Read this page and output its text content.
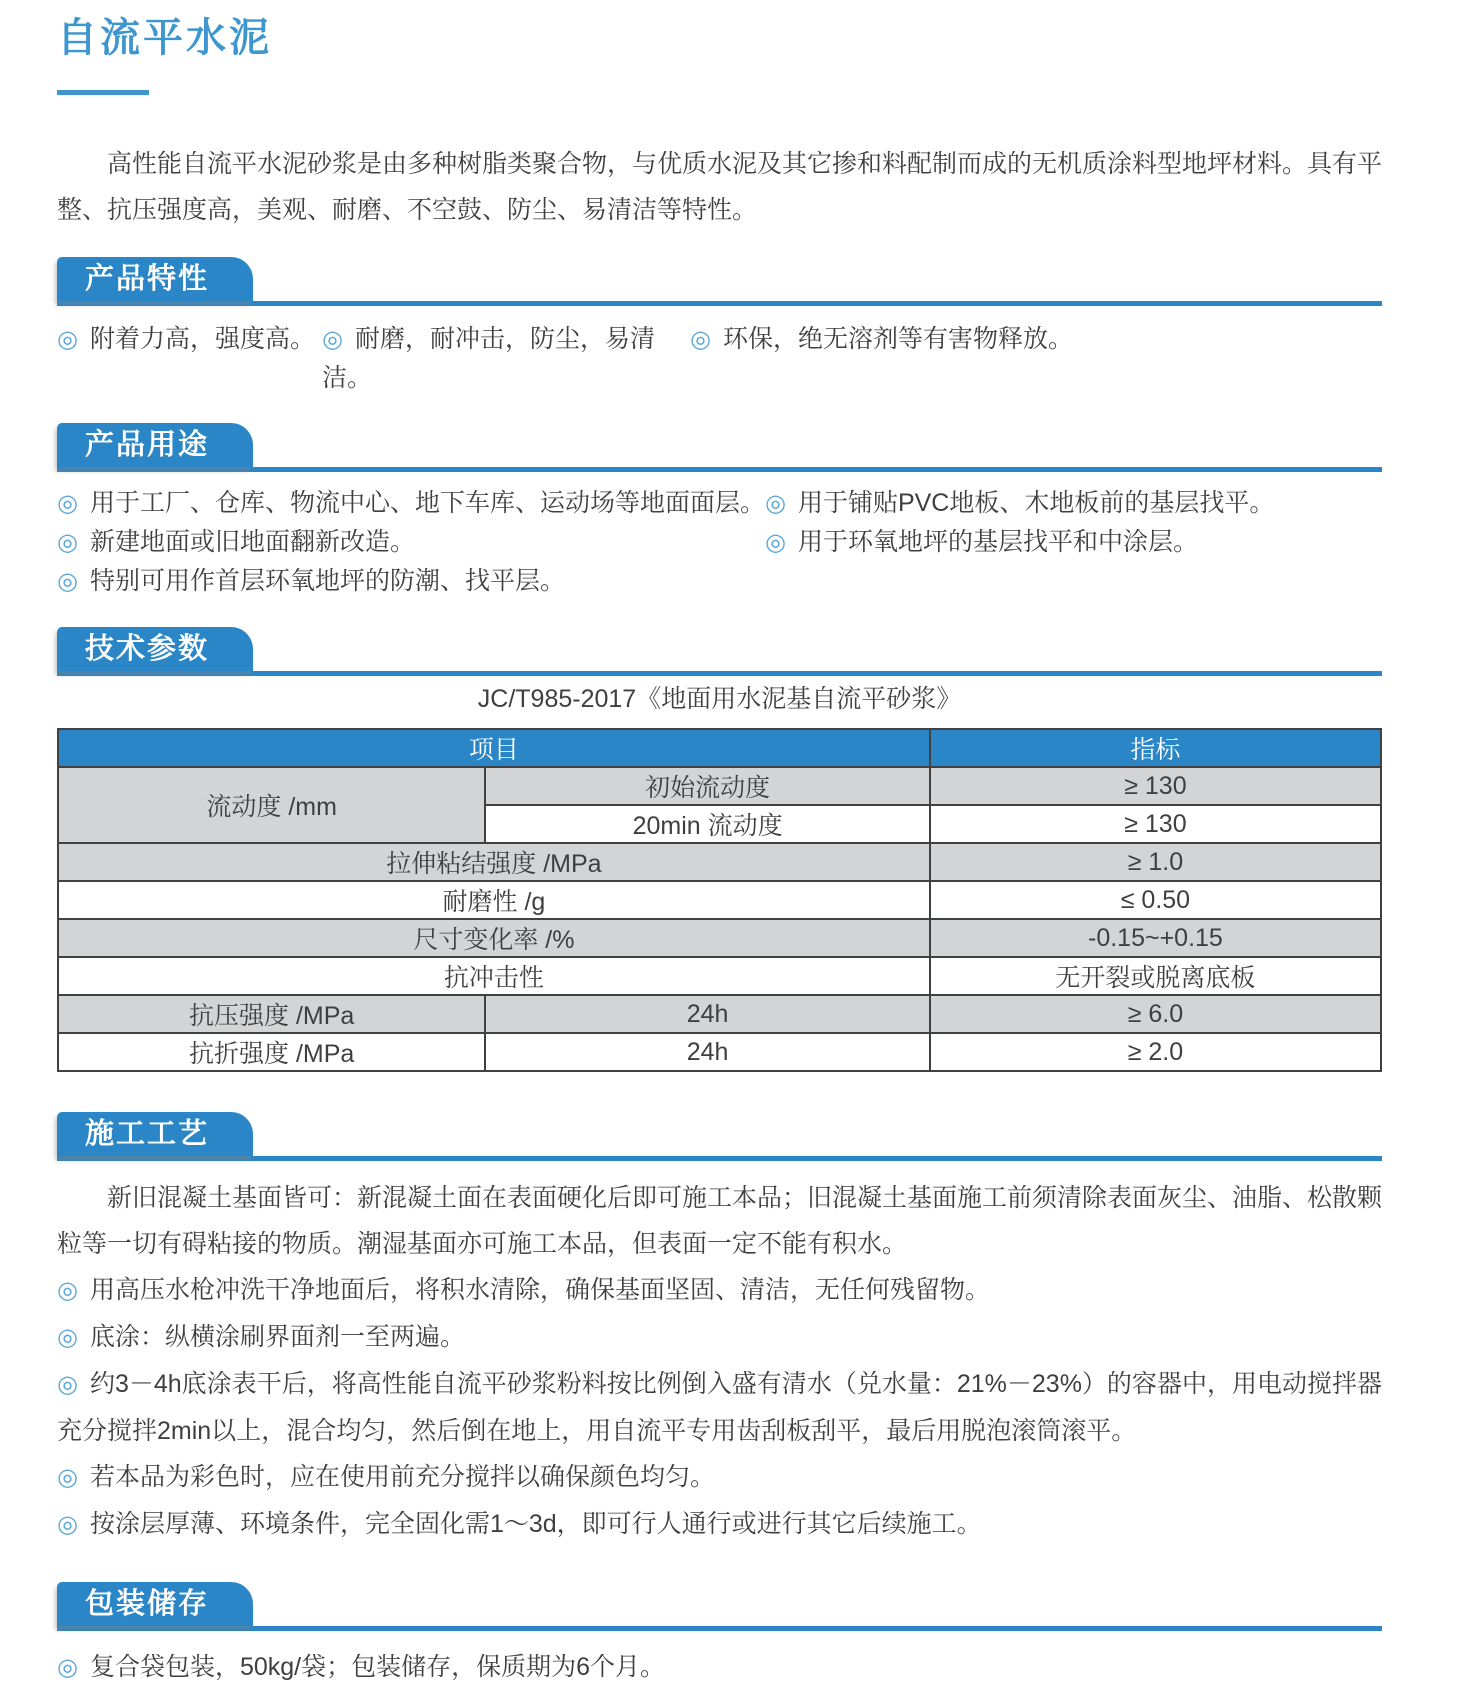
自流平水泥

高性能自流平水泥砂浆是由多种树脂类聚合物，与优质水泥及其它掺和料配制而成的无机质涂料型地坪材料。具有平整、抗压强度高，美观、耐磨、不空鼓、防尘、易清洁等特性。

产品特性
◎ 附着力高，强度高。 ◎ 耐磨，耐冲击，防尘，易清洁。
◎ 环保，绝无溶剂等有害物释放。
产品用途
◎ 用于工厂、仓库、物流中心、地下车库、运动场等地面面层。
◎ 新建地面或旧地面翻新改造。
◎ 特别可用作首层环氧地坪的防潮、找平层。
◎ 用于铺贴PVC地板、木地板前的基层找平。
◎ 用于环氧地坪的基层找平和中涂层。
技术参数
JC/T985-2017《地面用水泥基自流平砂浆》
项目		指标
流动度 /mm	初始流动度	≥ 130
	20min 流动度	≥ 130
拉伸粘结强度 /MPa		≥ 1.0
耐磨性 /g		≤ 0.50
尺寸变化率 /%		-0.15~+0.15
抗冲击性		无开裂或脱离底板
抗压强度 /MPa	24h	≥ 6.0
抗折强度 /MPa	24h	≥ 2.0
施工工艺

新旧混凝土基面皆可：新混凝土面在表面硬化后即可施工本品；旧混凝土基面施工前须清除表面灰尘、油脂、松散颗粒等一切有碍粘接的物质。潮湿基面亦可施工本品，但表面一定不能有积水。

◎ 用高压水枪冲洗干净地面后，将积水清除，确保基面坚固、清洁，无任何残留物。
◎ 底涂：纵横涂刷界面剂一至两遍。
◎ 约3－4h底涂表干后，将高性能自流平砂浆粉料按比例倒入盛有清水（兑水量：21%－23%）的容器中，用电动搅拌器充分搅拌2min以上，混合均匀，然后倒在地上，用自流平专用齿刮板刮平，最后用脱泡滚筒滚平。
◎ 若本品为彩色时，应在使用前充分搅拌以确保颜色均匀。
◎ 按涂层厚薄、环境条件，完全固化需1～3d，即可行人通行或进行其它后续施工。
包装储存
◎ 复合袋包装，50kg/袋；包装储存，保质期为6个月。
